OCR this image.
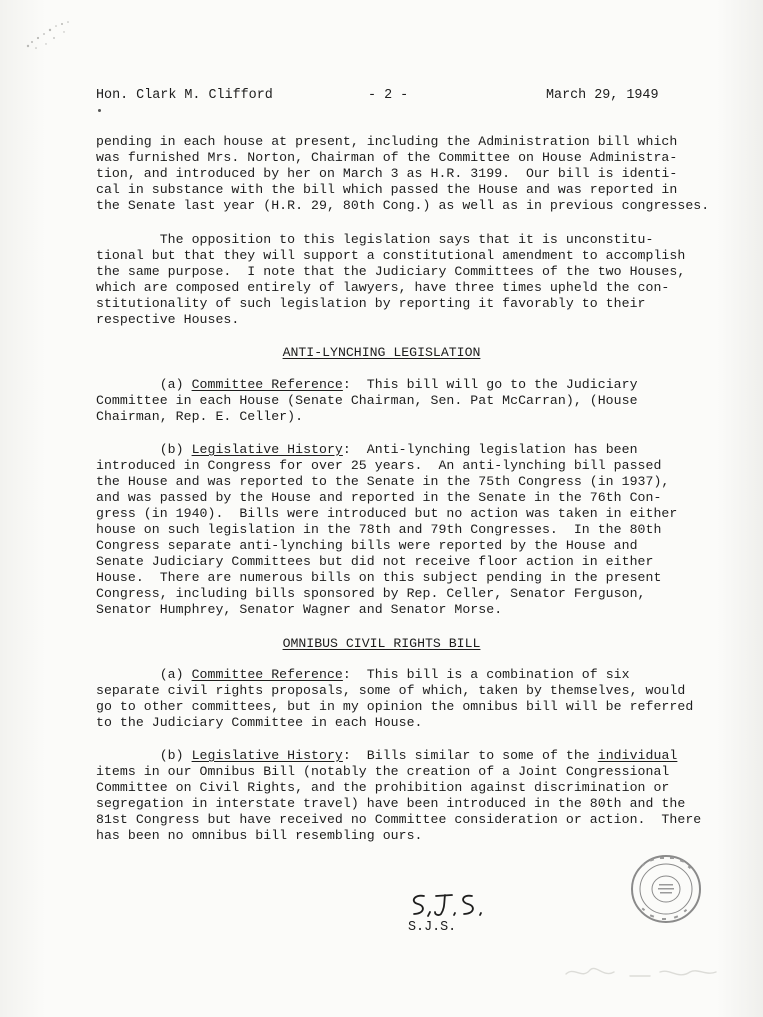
Hon. Clark M. Clifford	- 2 -	March 29, 1949
pending in each house at present, including the Administration bill which
was furnished Mrs. Norton, Chairman of the Committee on House Administra-
tion, and introduced by her on March 3 as H.R. 3199.  Our bill is identi-
cal in substance with the bill which passed the House and was reported in
the Senate last year (H.R. 29, 80th Cong.) as well as in previous congresses.
The opposition to this legislation says that it is unconstitu-
tional but that they will support a constitutional amendment to accomplish
the same purpose.  I note that the Judiciary Committees of the two Houses,
which are composed entirely of lawyers, have three times upheld the con-
stitutionality of such legislation by reporting it favorably to their
respective Houses.
ANTI-LYNCHING LEGISLATION
(a) Committee Reference:  This bill will go to the Judiciary
Committee in each House (Senate Chairman, Sen. Pat McCarran), (House
Chairman, Rep. E. Celler).
(b) Legislative History:  Anti-lynching legislation has been
introduced in Congress for over 25 years.  An anti-lynching bill passed
the House and was reported to the Senate in the 75th Congress (in 1937),
and was passed by the House and reported in the Senate in the 76th Con-
gress (in 1940).  Bills were introduced but no action was taken in either
house on such legislation in the 78th and 79th Congresses.  In the 80th
Congress separate anti-lynching bills were reported by the House and
Senate Judiciary Committees but did not receive floor action in either
House.  There are numerous bills on this subject pending in the present
Congress, including bills sponsored by Rep. Celler, Senator Ferguson,
Senator Humphrey, Senator Wagner and Senator Morse.
OMNIBUS CIVIL RIGHTS BILL
(a) Committee Reference:  This bill is a combination of six
separate civil rights proposals, some of which, taken by themselves, would
go to other committees, but in my opinion the omnibus bill will be referred
to the Judiciary Committee in each House.
(b) Legislative History:  Bills similar to some of the individual
items in our Omnibus Bill (notably the creation of a Joint Congressional
Committee on Civil Rights, and the prohibition against discrimination or
segregation in interstate travel) have been introduced in the 80th and the
81st Congress but have received no Committee consideration or action.  There
has been no omnibus bill resembling ours.
S.J.S.
